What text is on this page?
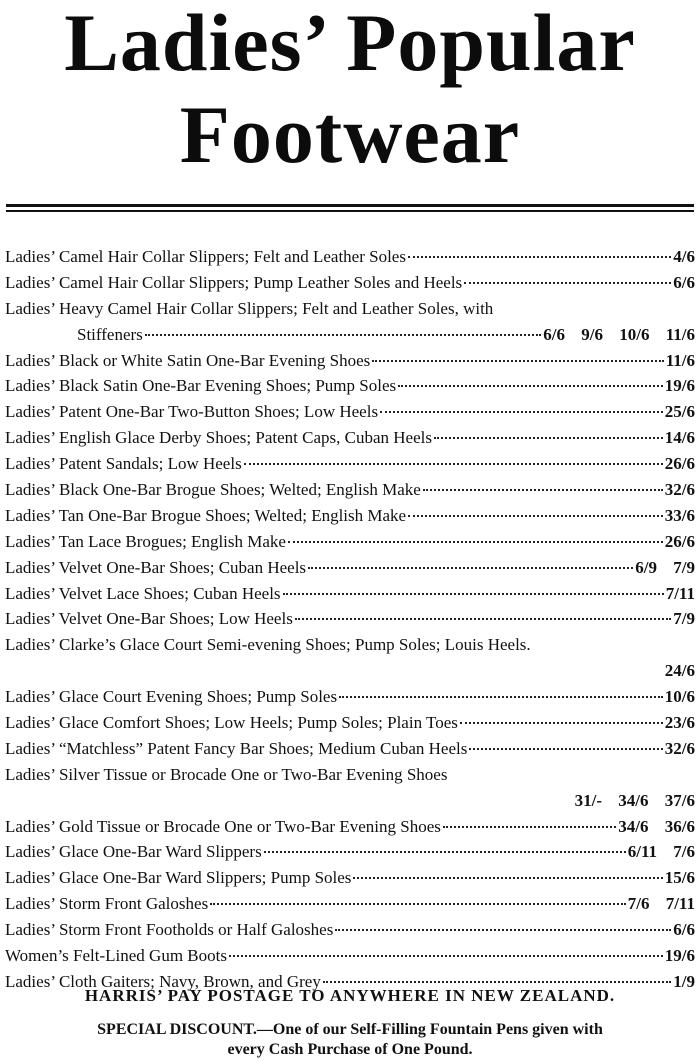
Ladies’ Popular
Footwear
Ladies’ Camel Hair Collar Slippers; Felt and Leather Soles	4/6
Ladies’ Camel Hair Collar Slippers; Pump Leather Soles and Heels	6/6
Ladies’ Heavy Camel Hair Collar Slippers; Felt and Leather Soles, with
Stiffeners	6/6 9/6 10/6 11/6
Ladies’ Black or White Satin One-Bar Evening Shoes	11/6
Ladies’ Black Satin One-Bar Evening Shoes; Pump Soles	19/6
Ladies’ Patent One-Bar Two-Button Shoes; Low Heels	25/6
Ladies’ English Glace Derby Shoes; Patent Caps, Cuban Heels	14/6
Ladies’ Patent Sandals; Low Heels	26/6
Ladies’ Black One-Bar Brogue Shoes; Welted; English Make	32/6
Ladies’ Tan One-Bar Brogue Shoes; Welted; English Make	33/6
Ladies’ Tan Lace Brogues; English Make	26/6
Ladies’ Velvet One-Bar Shoes; Cuban Heels	6/9 7/9
Ladies’ Velvet Lace Shoes; Cuban Heels	7/11
Ladies’ Velvet One-Bar Shoes; Low Heels	7/9
Ladies’ Clarke’s Glace Court Semi-evening Shoes; Pump Soles; Louis Heels.
24/6
Ladies’ Glace Court Evening Shoes; Pump Soles	10/6
Ladies’ Glace Comfort Shoes; Low Heels; Pump Soles; Plain Toes	23/6
Ladies’ “Matchless” Patent Fancy Bar Shoes; Medium Cuban Heels	32/6
Ladies’ Silver Tissue or Brocade One or Two-Bar Evening Shoes
31/- 34/6 37/6
Ladies’ Gold Tissue or Brocade One or Two-Bar Evening Shoes	34/6 36/6
Ladies’ Glace One-Bar Ward Slippers	6/11 7/6
Ladies’ Glace One-Bar Ward Slippers; Pump Soles	15/6
Ladies’ Storm Front Galoshes	7/6 7/11
Ladies’ Storm Front Footholds or Half Galoshes	6/6
Women’s Felt-Lined Gum Boots	19/6
Ladies’ Cloth Gaiters; Navy, Brown, and Grey	1/9
HARRIS’ PAY POSTAGE TO ANYWHERE IN NEW ZEALAND.
SPECIAL DISCOUNT.—One of our Self-Filling Fountain Pens given with
every Cash Purchase of One Pound.
